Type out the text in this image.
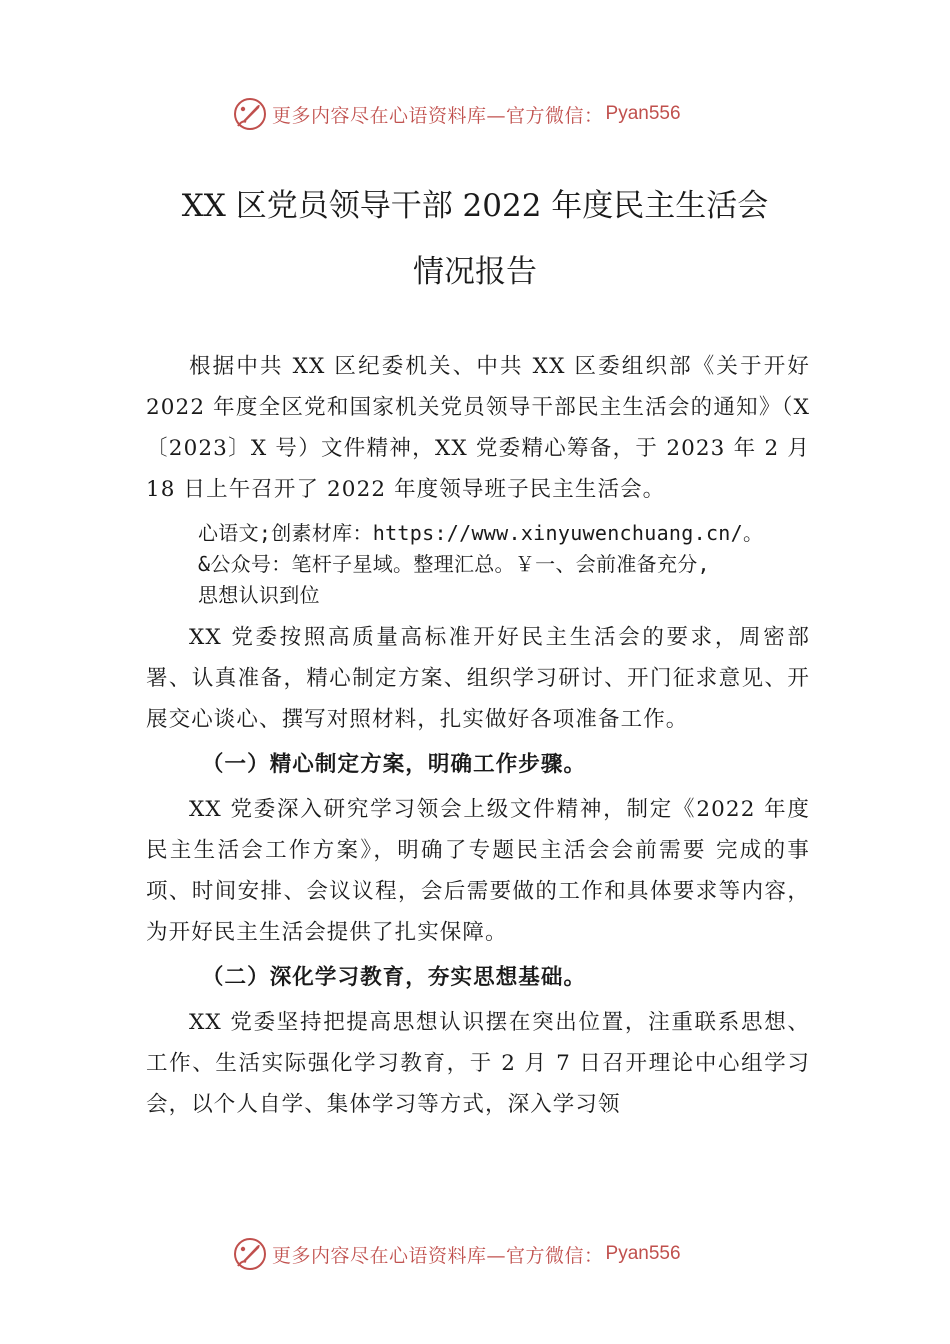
更多内容尽在心语资料库—官方微信： Pyan556
XX 区党员领导干部 2022 年度民主生活会
情况报告

根据中共 XX 区纪委机关、中共 XX 区委组织部《关于开好 2022 年度全区党和国家机关党员领导干部民主生活会的通知》（X〔2023〕X 号）文件精神，XX 党委精心筹备，于 2023 年 2 月 18 日上午召开了 2022 年度领导班子民主生活会。

心语文;创素材库：https://www.xinyuwenchuang.cn/。
&公众号：笔杆子星域。整理汇总。￥一、会前准备充分,
思想认识到位

XX 党委按照高质量高标准开好民主生活会的要求，周密部署、认真准备，精心制定方案、组织学习研讨、开门征求意见、开展交心谈心、撰写对照材料，扎实做好各项准备工作。

（一）精心制定方案，明确工作步骤。

XX 党委深入研究学习领会上级文件精神，制定《2022 年度民主生活会工作方案》，明确了专题民主活会会前需要 完成的事项、时间安排、会议议程，会后需要做的工作和具体要求等内容，为开好民主生活会提供了扎实保障。

（二）深化学习教育，夯实思想基础。

XX 党委坚持把提高思想认识摆在突出位置，注重联系思想、工作、生活实际强化学习教育，于 2 月 7 日召开理论中心组学习会，以个人自学、集体学习等方式，深入学习领

更多内容尽在心语资料库—官方微信： Pyan556
